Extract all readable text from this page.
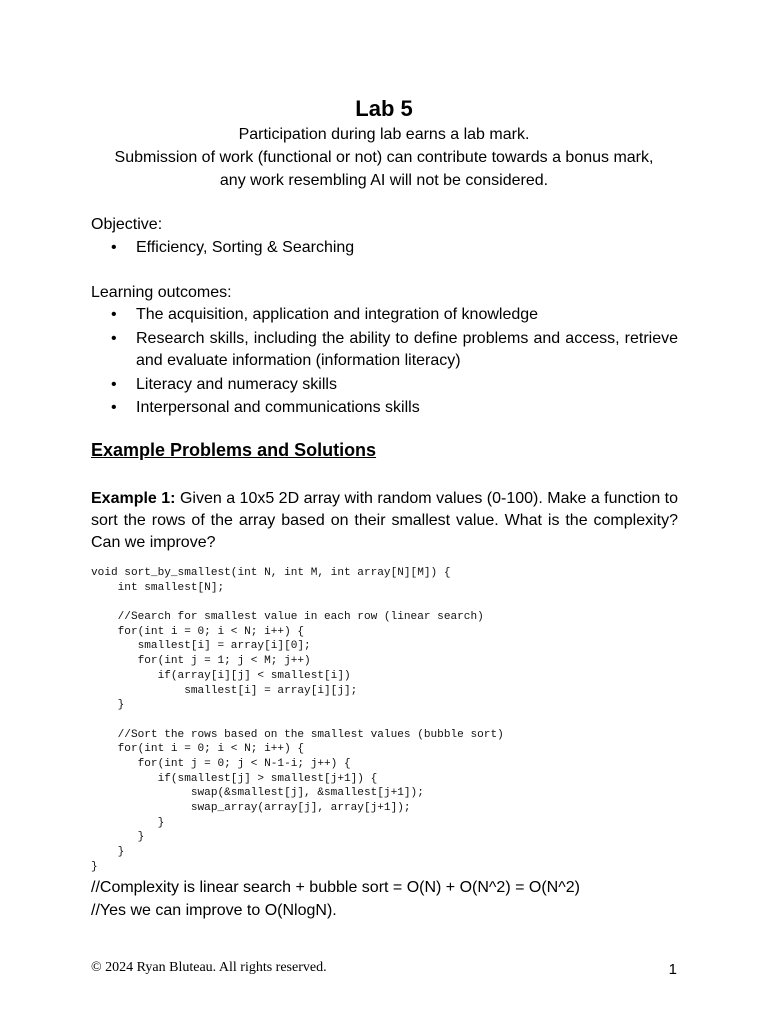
Lab 5
Participation during lab earns a lab mark.
Submission of work (functional or not) can contribute towards a bonus mark,
any work resembling AI will not be considered.
Objective:
• Efficiency, Sorting & Searching
Learning outcomes:
• The acquisition, application and integration of knowledge
• Research skills, including the ability to define problems and access, retrieve and evaluate information (information literacy)
• Literacy and numeracy skills
• Interpersonal and communications skills
Example Problems and Solutions
Example 1: Given a 10x5 2D array with random values (0-100). Make a function to sort the rows of the array based on their smallest value. What is the complexity? Can we improve?
void sort_by_smallest(int N, int M, int array[N][M]) {
int smallest[N];

//Search for smallest value in each row (linear search)
for(int i = 0; i < N; i++) {
smallest[i] = array[i][0];
for(int j = 1; j < M; j++)
if(array[i][j] < smallest[i])
smallest[i] = array[i][j];
}

//Sort the rows based on the smallest values (bubble sort)
for(int i = 0; i < N; i++) {
for(int j = 0; j < N-1-i; j++) {
if(smallest[j] > smallest[j+1]) {
swap(&smallest[j], &smallest[j+1]);
swap_array(array[j], array[j+1]);
}
}
}
}

//Complexity is linear search + bubble sort = O(N) + O(N^2) = O(N^2)
//Yes we can improve to O(NlogN).
© 2024 Ryan Bluteau. All rights reserved.	1
